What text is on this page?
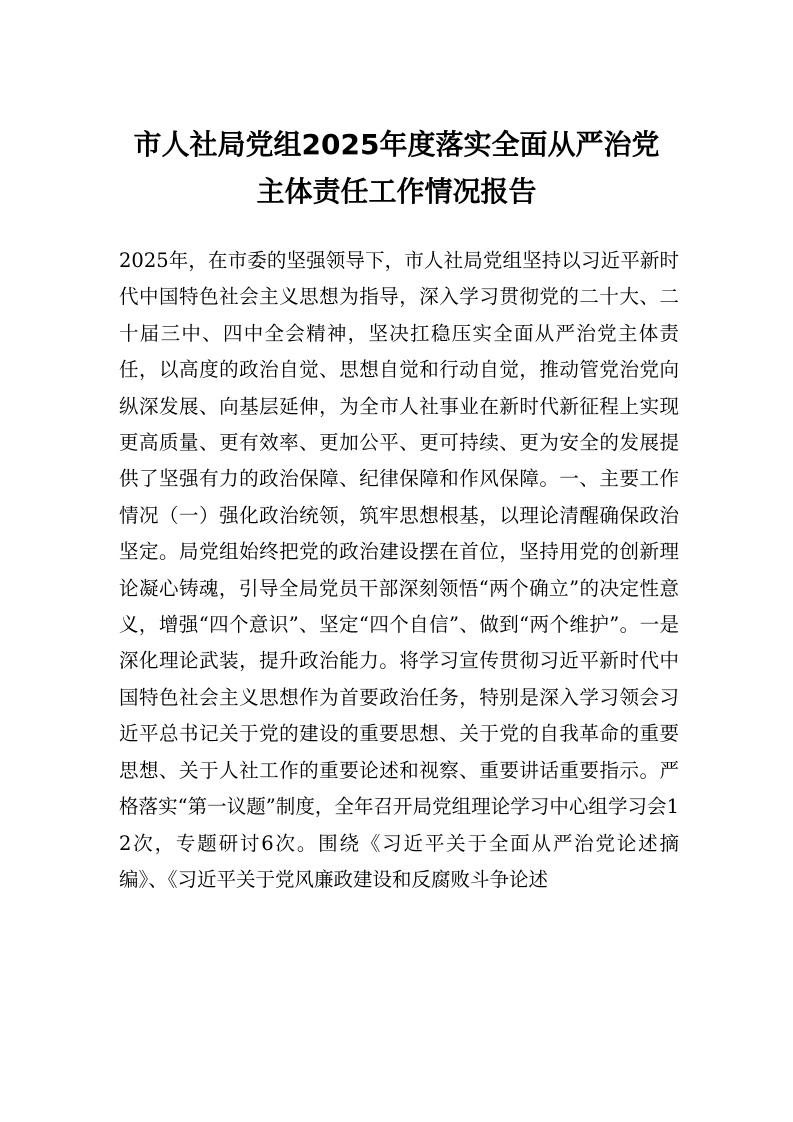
市人社局党组2025年度落实全面从严治党
主体责任工作情况报告

2025年，在市委的坚强领导下，市人社局党组坚持以习近平新时代中国特色社会主义思想为指导，深入学习贯彻党的二十大、二十届三中、四中全会精神，坚决扛稳压实全面从严治党主体责任，以高度的政治自觉、思想自觉和行动自觉，推动管党治党向纵深发展、向基层延伸，为全市人社事业在新时代新征程上实现更高质量、更有效率、更加公平、更可持续、更为安全的发展提供了坚强有力的政治保障、纪律保障和作风保障。一、主要工作情况（一）强化政治统领，筑牢思想根基，以理论清醒确保政治坚定。局党组始终把党的政治建设摆在首位，坚持用党的创新理论凝心铸魂，引导全局党员干部深刻领悟“两个确立”的决定性意义，增强“四个意识”、坚定“四个自信”、做到“两个维护”。一是深化理论武装，提升政治能力。将学习宣传贯彻习近平新时代中国特色社会主义思想作为首要政治任务，特别是深入学习领会习近平总书记关于党的建设的重要思想、关于党的自我革命的重要思想、关于人社工作的重要论述和视察、重要讲话重要指示。严格落实“第一议题”制度，全年召开局党组理论学习中心组学习会12次，专题研讨6次。围绕《习近平关于全面从严治党论述摘编》、《习近平关于党风廉政建设和反腐败斗争论述
